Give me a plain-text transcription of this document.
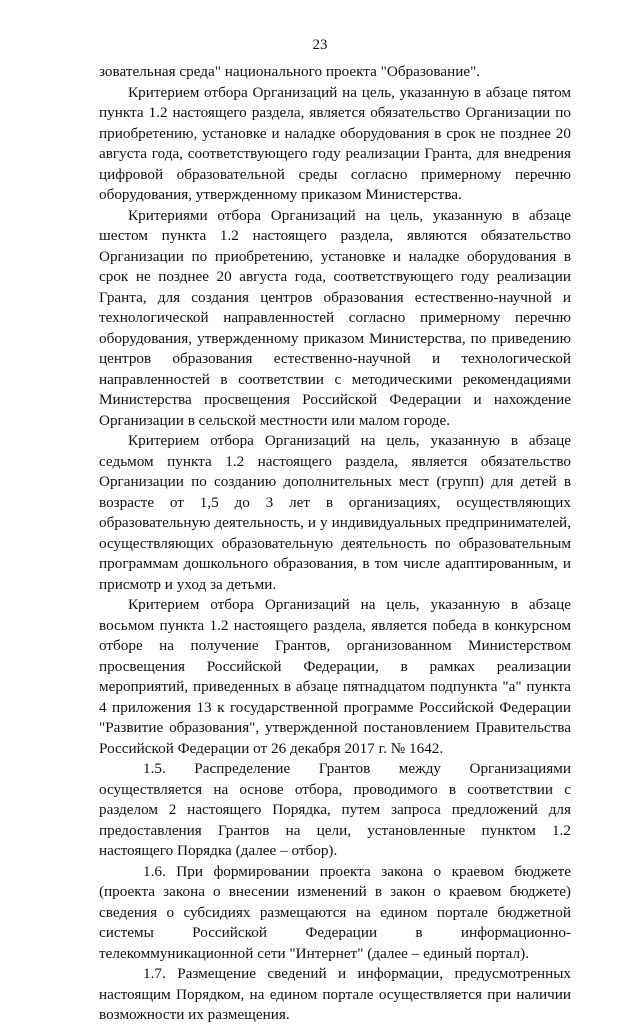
23

зовательная среда" национального проекта "Образование".

Критерием отбора Организаций на цель, указанную в абзаце пятом пункта 1.2 настоящего раздела, является обязательство Организации по приобретению, установке и наладке оборудования в срок не позднее 20 августа года, соответствующего году реализации Гранта, для внедрения цифровой образовательной среды согласно примерному перечню оборудования, утвержденному приказом Министерства.

Критериями отбора Организаций на цель, указанную в абзаце шестом пункта 1.2 настоящего раздела, являются обязательство Организации по приобретению, установке и наладке оборудования в срок не позднее 20 августа года, соответствующего году реализации Гранта, для создания центров образования естественно-научной и технологической направленностей согласно примерному перечню оборудования, утвержденному приказом Министерства, по приведению центров образования естественно-научной и технологической направленностей в соответствии с методическими рекомендациями Министерства просвещения Российской Федерации и нахождение Организации в сельской местности или малом городе.

Критерием отбора Организаций на цель, указанную в абзаце седьмом пункта 1.2 настоящего раздела, является обязательство Организации по созданию дополнительных мест (групп) для детей в возрасте от 1,5 до 3 лет в организациях, осуществляющих образовательную деятельность, и у индивидуальных предпринимателей, осуществляющих образовательную деятельность по образовательным программам дошкольного образования, в том числе адаптированным, и присмотр и уход за детьми.

Критерием отбора Организаций на цель, указанную в абзаце восьмом пункта 1.2 настоящего раздела, является победа в конкурсном отборе на получение Грантов, организованном Министерством просвещения Российской Федерации, в рамках реализации мероприятий, приведенных в абзаце пятнадцатом подпункта "а" пункта 4 приложения 13 к государственной программе Российской Федерации "Развитие образования", утвержденной постановлением Правительства Российской Федерации от 26 декабря 2017 г. № 1642.

1.5. Распределение Грантов между Организациями осуществляется на основе отбора, проводимого в соответствии с разделом 2 настоящего Порядка, путем запроса предложений для предоставления Грантов на цели, установленные пунктом 1.2 настоящего Порядка (далее – отбор).

1.6. При формировании проекта закона о краевом бюджете (проекта закона о внесении изменений в закон о краевом бюджете) сведения о субсидиях размещаются на едином портале бюджетной системы Российской Федерации в информационно-телекоммуникационной сети "Интернет" (далее – единый портал).

1.7. Размещение сведений и информации, предусмотренных настоящим Порядком, на едином портале осуществляется при наличии возможности их размещения.
